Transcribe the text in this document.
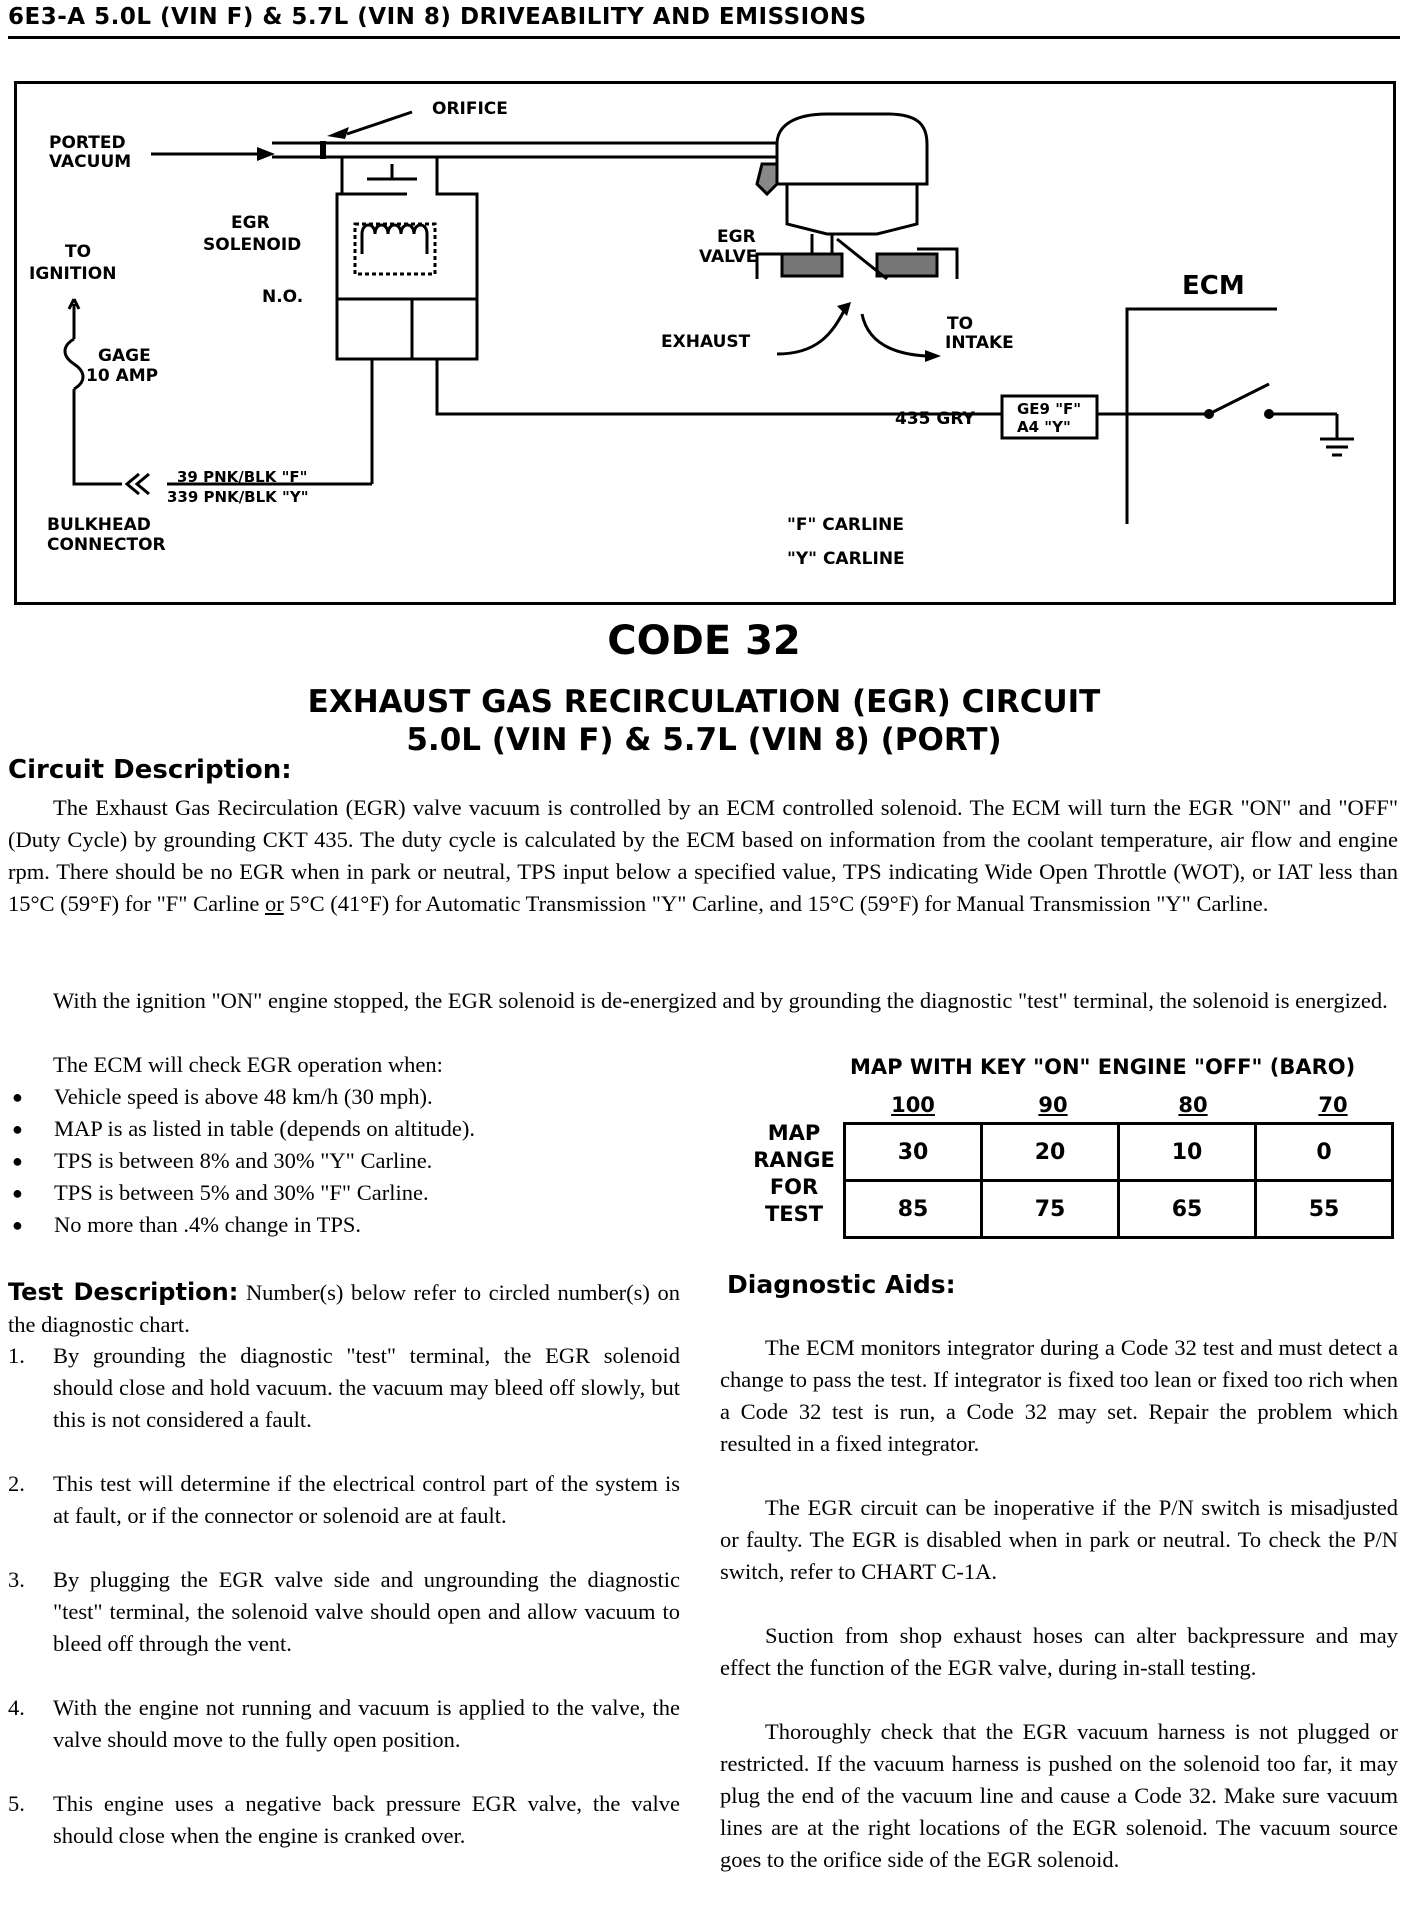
6E3-A 5.0L (VIN F) & 5.7L (VIN 8) DRIVEABILITY AND EMISSIONS
ORIFICE
PORTED
VACUUM
EGR
SOLENOID
N.O.
TO
IGNITION
GAGE
10 AMP
EGR
VALVE
EXHAUST
TO
INTAKE
ECM
435 GRY	GE9 "F"
A4 "Y"
39 PNK/BLK "F"
339 PNK/BLK "Y"
BULKHEAD
CONNECTOR
"F" CARLINE
"Y" CARLINE
CODE 32
EXHAUST GAS RECIRCULATION (EGR) CIRCUIT
5.0L (VIN F) & 5.7L (VIN 8) (PORT)
Circuit Description:
The Exhaust Gas Recirculation (EGR) valve vacuum is controlled by an ECM controlled solenoid. The ECM will turn the EGR "ON" and "OFF" (Duty Cycle) by grounding CKT 435. The duty cycle is calculated by the ECM based on information from the coolant temperature, air flow and engine rpm. There should be no EGR when in park or neutral, TPS input below a specified value, TPS indicating Wide Open Throttle (WOT), or IAT less than 15°C (59°F) for "F" Carline or 5°C (41°F) for Automatic Transmission "Y" Carline, and 15°C (59°F) for Manual Transmission "Y" Carline.
With the ignition "ON" engine stopped, the EGR solenoid is de-energized and by grounding the diagnostic "test" terminal, the solenoid is energized.
The ECM will check EGR operation when:
● Vehicle speed is above 48 km/h (30 mph).
● MAP is as listed in table (depends on altitude).
● TPS is between 8% and 30% "Y" Carline.
● TPS is between 5% and 30% "F" Carline.
● No more than .4% change in TPS.
MAP WITH KEY "ON" ENGINE "OFF" (BARO)
100	90	80	70
MAP
RANGE
FOR
TEST
30	20	10	0
85	75	65	55
Test Description: Number(s) below refer to circled number(s) on the diagnostic chart.
1. By grounding the diagnostic "test" terminal, the EGR solenoid should close and hold vacuum. the vacuum may bleed off slowly, but this is not considered a fault.
2. This test will determine if the electrical control part of the system is at fault, or if the connector or solenoid are at fault.
3. By plugging the EGR valve side and ungrounding the diagnostic "test" terminal, the solenoid valve should open and allow vacuum to bleed off through the vent.
4. With the engine not running and vacuum is applied to the valve, the valve should move to the fully open position.
5. This engine uses a negative back pressure EGR valve, the valve should close when the engine is cranked over.
Diagnostic Aids:
The ECM monitors integrator during a Code 32 test and must detect a change to pass the test. If integrator is fixed too lean or fixed too rich when a Code 32 test is run, a Code 32 may set. Repair the problem which resulted in a fixed integrator.
The EGR circuit can be inoperative if the P/N switch is misadjusted or faulty. The EGR is disabled when in park or neutral. To check the P/N switch, refer to CHART C-1A.
Suction from shop exhaust hoses can alter backpressure and may effect the function of the EGR valve, during in-stall testing.
Thoroughly check that the EGR vacuum harness is not plugged or restricted. If the vacuum harness is pushed on the solenoid too far, it may plug the end of the vacuum line and cause a Code 32. Make sure vacuum lines are at the right locations of the EGR solenoid. The vacuum source goes to the orifice side of the EGR solenoid.
